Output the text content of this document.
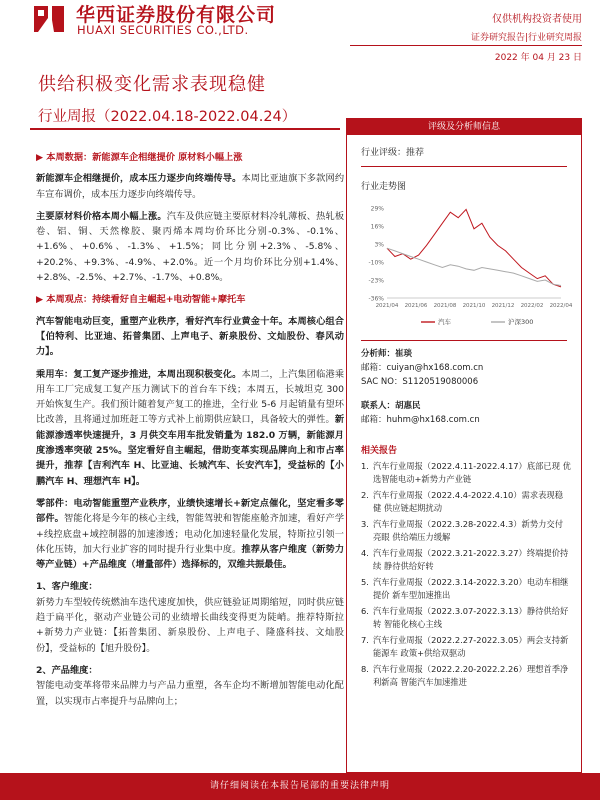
华西证券股份有限公司
HUAXI SECURITIES CO.,LTD.
仅供机构投资者使用
证券研究报告|行业研究周报
2022 年 04 月 23 日
供给积极变化需求表现稳健
行业周报（2022.04.18-2022.04.24）
▶ 本周数据：新能源车企相继提价 原材料小幅上涨

新能源车企相继提价，成本压力逐步向终端传导。本周比亚迪旗下多款网约车宣布调价，成本压力逐步向终端传导。

主要原材料价格本周小幅上涨。汽车及供应链主要原材料冷轧薄板、热轧板卷、铝、铜、天然橡胶、聚丙烯本周均价环比分别-0.3%、-0.1%、+1.6%、+0.6%、-1.3%、+1.5%；同比分别+2.3%、-5.8%、+20.2%、+9.3%、-4.9%、+2.0%。近一个月均价环比分别+1.4%、+2.8%、-2.5%、+2.7%、-1.7%、+0.8%。

▶ 本周观点：持续看好自主崛起+电动智能+摩托车

汽车智能电动巨变，重塑产业秩序，看好汽车行业黄金十年。本周核心组合【伯特利、比亚迪、拓普集团、上声电子、新泉股份、文灿股份、春风动力】。

乘用车：复工复产逐步推进，本周出现积极变化。本周二，上汽集团临港乘用车工厂完成复工复产压力测试下的首台车下线；本周五，长城坦克 300 开始恢复生产。我们预计随着复产复工的推进，全行业 5-6 月起销量有望环比改善，且将通过加班赶工等方式补上前期供应缺口，具备较大的弹性。新能源渗透率快速提升，3 月供交车用车批发销量为 182.0 万辆，新能源月度渗透率突破 25%。坚定看好自主崛起，借助变革实现品牌向上和市占率提升，推荐【吉利汽车 H、比亚迪、长城汽车、长安汽车】，受益标的【小鹏汽车 H、理想汽车 H】。

零部件：电动智能重塑产业秩序，业绩快速增长+新定点催化，坚定看多零部件。智能化将是今年的核心主线，智能驾驶和智能座舱齐加速，看好产学+线控底盘+域控制器的加速渗透；电动化加速轻量化发展，特斯拉引领一体化压铸，加大行业扩容的同时提升行业集中度。推荐从客户维度（新势力等产业链）+产品维度（增量部件）选择标的，双维共振最佳。

1、客户维度：

新势力车型较传统燃油车迭代速度加快，供应链验证周期缩短，同时供应链趋于扁平化，驱动产业链公司的业绩增长曲线变得更为陡峭。推荐特斯拉+新势力产业链：【拓普集团、新泉股份、上声电子、隆盛科技、文灿股份】，受益标的【旭升股份】。

2、产品维度：

智能电动变革将带来品牌力与产品力重塑，各车企均不断增加智能电动化配置，以实现市占率提升与品牌向上；

评级及分析师信息
行业评级：推荐
行业走势图
29%
16%
3%
-10%
-23%
-36%
2021/04 2021/06 2021/08 2021/10 2021/12 2022/02 2022/04
汽车	沪深300
分析师：崔琰
邮箱：cuiyan@hx168.com.cn
SAC NO：S1120519080006
联系人：胡惠民
邮箱：huhm@hx168.com.cn
相关报告
1. 汽车行业周报（2022.4.11-2022.4.17）底部已现 优选智能电动+新势力产业链
2. 汽车行业周报（2022.4.4-2022.4.10）需求表现稳健 供应链起期扰动
3. 汽车行业周报（2022.3.28-2022.4.3）新势力交付亮眼 供给端压力缓解
4. 汽车行业周报（2022.3.21-2022.3.27）终端提价持续 静待供给好转
5. 汽车行业周报（2022.3.14-2022.3.20）电动车相继提价 新车型加速推出
6. 汽车行业周报（2022.3.07-2022.3.13）静待供给好转 智能化核心主线
7. 汽车行业周报（2022.2.27-2022.3.05）两会支持新能源车 政策+供给双驱动
8. 汽车行业周报（2022.2.20-2022.2.26）理想首季净利新高 智能汽车加速推进
请仔细阅读在本报告尾部的重要法律声明
